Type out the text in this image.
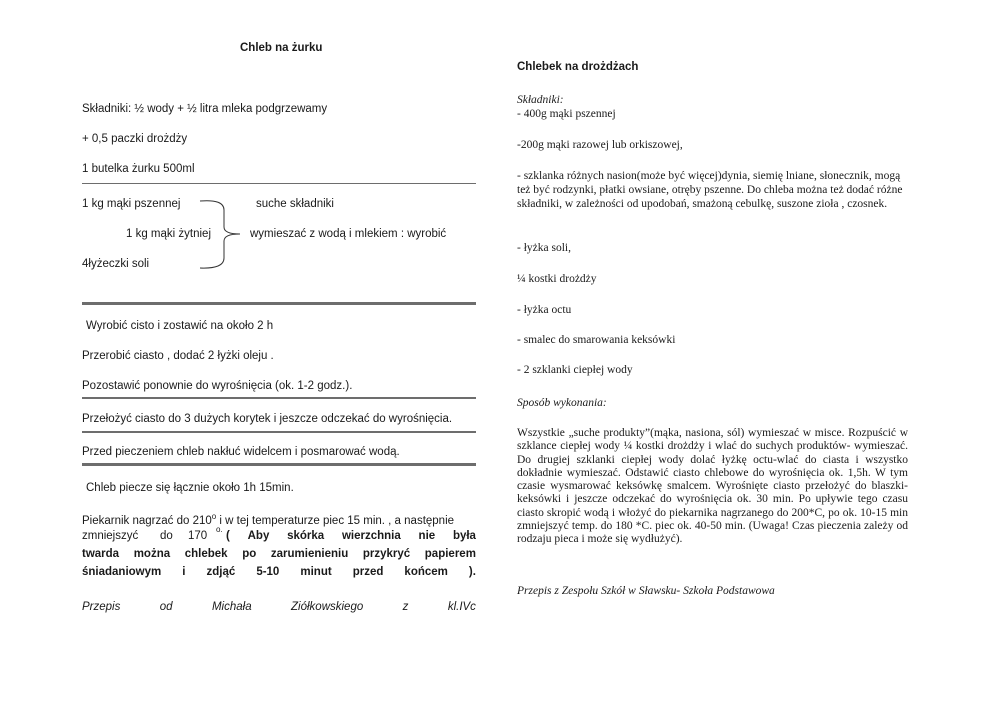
Chleb na żurku
Składniki: ½ wody + ½ litra mleka podgrzewamy
+ 0,5 paczki drożdży
1 butelka żurku 500ml
1 kg mąki pszennej
1 kg mąki żytniej
4łyżeczki soli
suche składniki
wymieszać z wodą i mlekiem : wyrobić
Wyrobić cisto i zostawić na około 2 h
Przerobić ciasto , dodać 2 łyżki oleju .
Pozostawić ponownie do wyrośnięcia (ok. 1-2 godz.).
Przełożyć ciasto do 3 dużych korytek i jeszcze odczekać do wyrośnięcia.
Przed pieczeniem chleb nakłuć widelcem i posmarować wodą.
Chleb piecze się łącznie około 1h 15min.
Piekarnik nagrzać do 210$^o$ i w tej temperaturze piec 15 min. , a następnie
zmniejszyć do 170
o.
( Aby skórka wierzchnia nie była
twarda można chlebek po zarumienieniu przykryć papierem
śniadaniowym i zdjąć 5-10 minut przed końcem ).
Przepis	od	Michała	Ziółkowskiego	z	kl.IVc
Chlebek na drożdżach
Składniki:
- 400g mąki pszennej
-200g mąki razowej lub orkiszowej,
- szklanka różnych nasion(może być więcej)dynia, siemię lniane, słonecznik, mogą też być rodzynki, płatki owsiane, otręby pszenne. Do chleba można też dodać różne składniki, w zależności od upodobań, smażoną cebulkę, suszone zioła , czosnek.
- łyżka soli,
¼ kostki drożdży
- łyżka octu
- smalec do smarowania keksówki
- 2 szklanki ciepłej wody
Sposób wykonania:
Wszystkie „suche produkty”(mąka, nasiona, sól) wymieszać w misce. Rozpuścić w szklance ciepłej wody ¼ kostki drożdży i wlać do suchych produktów- wymieszać. Do drugiej szklanki ciepłej wody dolać łyżkę octu-wlać do ciasta i wszystko dokładnie wymieszać. Odstawić ciasto chlebowe do wyrośnięcia ok. 1,5h. W tym czasie wysmarować keksówkę smalcem. Wyrośnięte ciasto przełożyć do blaszki-keksówki i jeszcze odczekać do wyrośnięcia ok. 30 min. Po upływie tego czasu ciasto skropić wodą i włożyć do piekarnika nagrzanego do 200*C, po ok. 10-15 min zmniejszyć temp. do 180 *C. piec ok. 40-50 min. (Uwaga! Czas pieczenia zależy od rodzaju pieca i może się wydłużyć).
Przepis z Zespołu Szkół w Sławsku- Szkoła Podstawowa
